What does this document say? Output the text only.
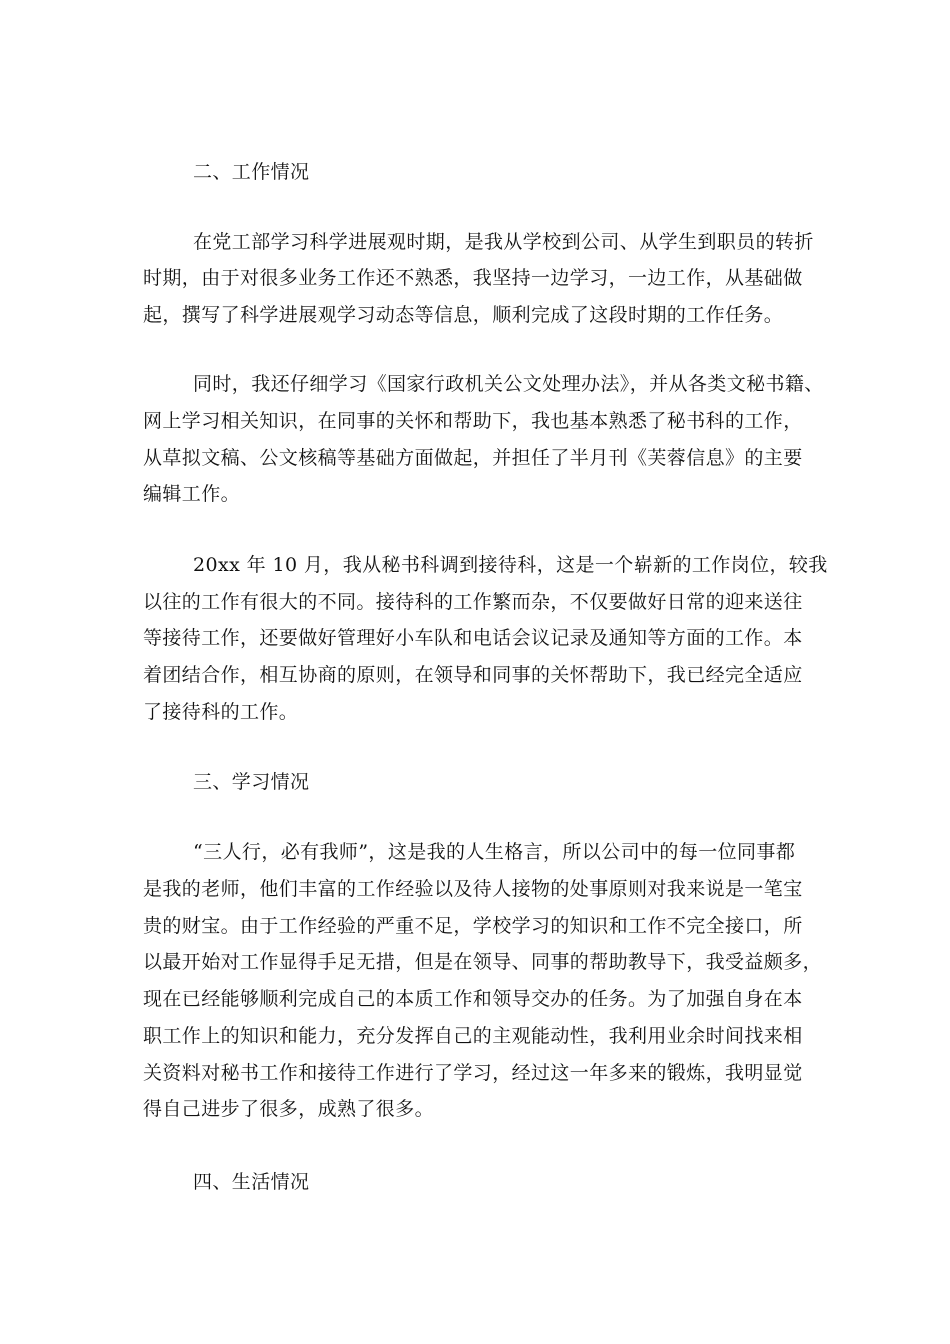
二、工作情况
在党工部学习科学进展观时期，是我从学校到公司、从学生到职员的转折
时期，由于对很多业务工作还不熟悉，我坚持一边学习，一边工作，从基础做
起，撰写了科学进展观学习动态等信息，顺利完成了这段时期的工作任务。
同时，我还仔细学习《国家行政机关公文处理办法》，并从各类文秘书籍、
网上学习相关知识，在同事的关怀和帮助下，我也基本熟悉了秘书科的工作，
从草拟文稿、公文核稿等基础方面做起，并担任了半月刊《芙蓉信息》的主要
编辑工作。
20xx 年 10 月，我从秘书科调到接待科，这是一个崭新的工作岗位，较我
以往的工作有很大的不同。接待科的工作繁而杂，不仅要做好日常的迎来送往
等接待工作，还要做好管理好小车队和电话会议记录及通知等方面的工作。本
着团结合作，相互协商的原则，在领导和同事的关怀帮助下，我已经完全适应
了接待科的工作。
三、学习情况
“三人行，必有我师”，这是我的人生格言，所以公司中的每一位同事都
是我的老师，他们丰富的工作经验以及待人接物的处事原则对我来说是一笔宝
贵的财宝。由于工作经验的严重不足，学校学习的知识和工作不完全接口，所
以最开始对工作显得手足无措，但是在领导、同事的帮助教导下，我受益颇多，
现在已经能够顺利完成自己的本质工作和领导交办的任务。为了加强自身在本
职工作上的知识和能力，充分发挥自己的主观能动性，我利用业余时间找来相
关资料对秘书工作和接待工作进行了学习，经过这一年多来的锻炼，我明显觉
得自己进步了很多，成熟了很多。
四、生活情况
